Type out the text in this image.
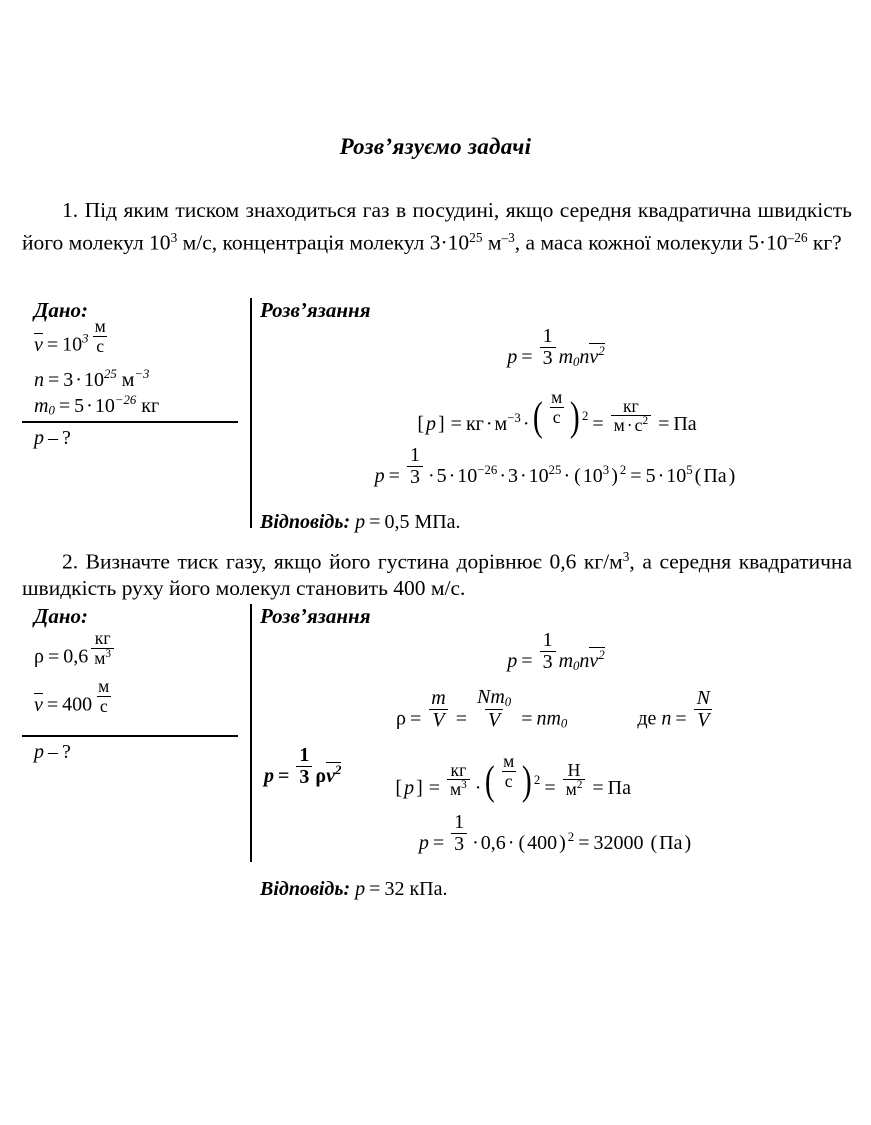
Розв’язуємо задачі
1. Під яким тиском знаходиться газ в посудині, якщо середня квадратична швидкість його молекул $10^3$ м/с, концентрація молекул $3\cdot 10^{25}$ $м^{-3}$, а маса кожної молекули $5\cdot 10^{-26}$ кг?
Дано:
$v = 10^3 \frac{м}{с}$
$n = 3 \cdot 10^{25}$ $м^{-3}$
$m_0 = 5 \cdot 10^{-26}$ кг
p – ?
Розв’язання
$p = \frac{1}{3} m_0nv^2$
[ p ] = кг · $м^{-3}$ · ( $\frac{м}{с}$ ) $2 = \frac{кг}{м \cdot с^2}$ = Па
$p = \frac{1}{3} \cdot 5 \cdot 10^{-26} \cdot 3 \cdot 10^{25}$ · ( $10^3$ ) $^2 = 5 \cdot 10^5$ ( Па )
Відповідь: p = 0,5 МПа.
2. Визначте тиск газу, якщо його густина дорівнює 0,6 $кг/м^3$, а середня квадратична швидкість руху його молекул становить 400 м/с.
Дано:
$\rho = 0,6 \frac{кг}{м^3}$
$v = 400 \frac{м}{с}$
p – ?
Розв’язання
$p = \frac{1}{3} m_0nv^2$
$\rho = \frac{m}{V} = \frac{Nm_0}{V} = nm_0$	де $n = \frac{N}{V}$
$p = \frac{1}{3} \rho v^2$
[ p ] = $\frac{кг}{м^3}$ · ( $\frac{м}{с}$ ) $2 = \frac{Н}{м^2}$ = Па
$p = \frac{1}{3} \cdot 0,6$ · ( 400 ) $^2$ = 32000 ( Па )
Відповідь: p = 32 кПа.
